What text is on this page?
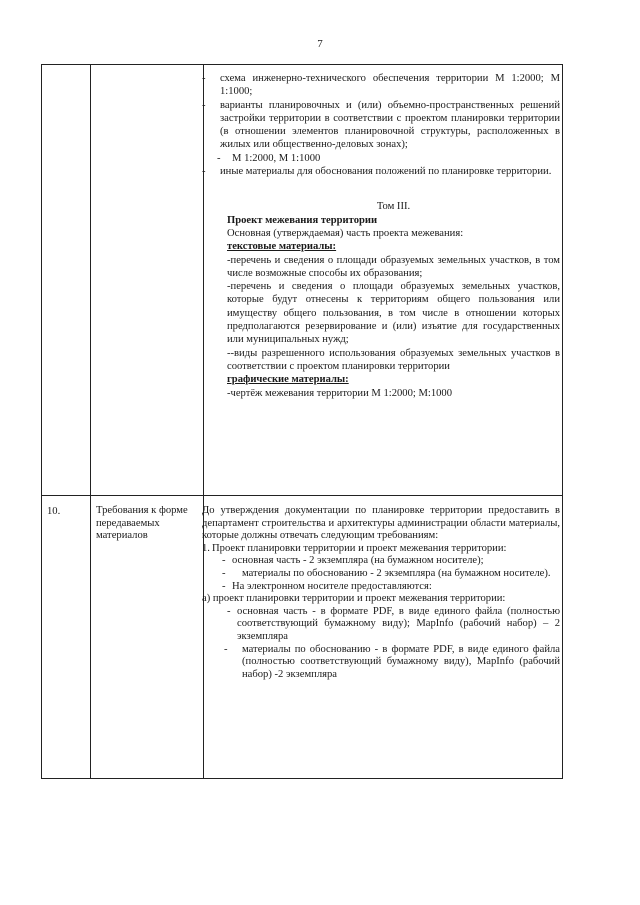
7
- схема инженерно-технического обеспечения территории М 1:2000; М 1:1000;
- варианты планировочных и (или) объемно-пространственных решений застройки территории в соответствии с проектом планировки территории (в отношении элементов планировочной структуры, расположенных в жилых или общественно-деловых зонах);
- М 1:2000, М 1:1000
- иные материалы для обоснования положений по планировке территории.
Том III.
Проект межевания территории
Основная (утверждаемая) часть проекта межевания:
текстовые материалы:
-перечень и сведения о площади образуемых земельных участков, в том числе возможные способы их образования;
-перечень и сведения о площади образуемых земельных участков, которые будут отнесены к территориям общего пользования или имуществу общего пользования, в том числе в отношении которых предполагаются резервирование и (или) изъятие для государственных или муниципальных нужд;
--виды разрешенного использования образуемых земельных участков в соответствии с проектом планировки территории
графические материалы:
-чертёж межевания территории М 1:2000; М:1000
10.	Требования к форме передаваемых материалов
До утверждения документации по планировке территории предоставить в департамент строительства и архитектуры администрации области материалы, которые должны отвечать следующим требованиям:
1. Проект планировки территории и проект межевания территории:
- основная часть - 2 экземпляра (на бумажном носителе);
- материалы по обоснованию - 2 экземпляра (на бумажном носителе).
- На электронном носителе предоставляются:
а) проект планировки территории и проект межевания территории:
- основная часть - в формате PDF, в виде единого файла (полностью соответствующий бумажному виду); MapInfo (рабочий набор) – 2 экземпляра
- материалы по обоснованию - в формате PDF, в виде единого файла (полностью соответствующий бумажному виду), MapInfo (рабочий набор) -2 экземпляра
